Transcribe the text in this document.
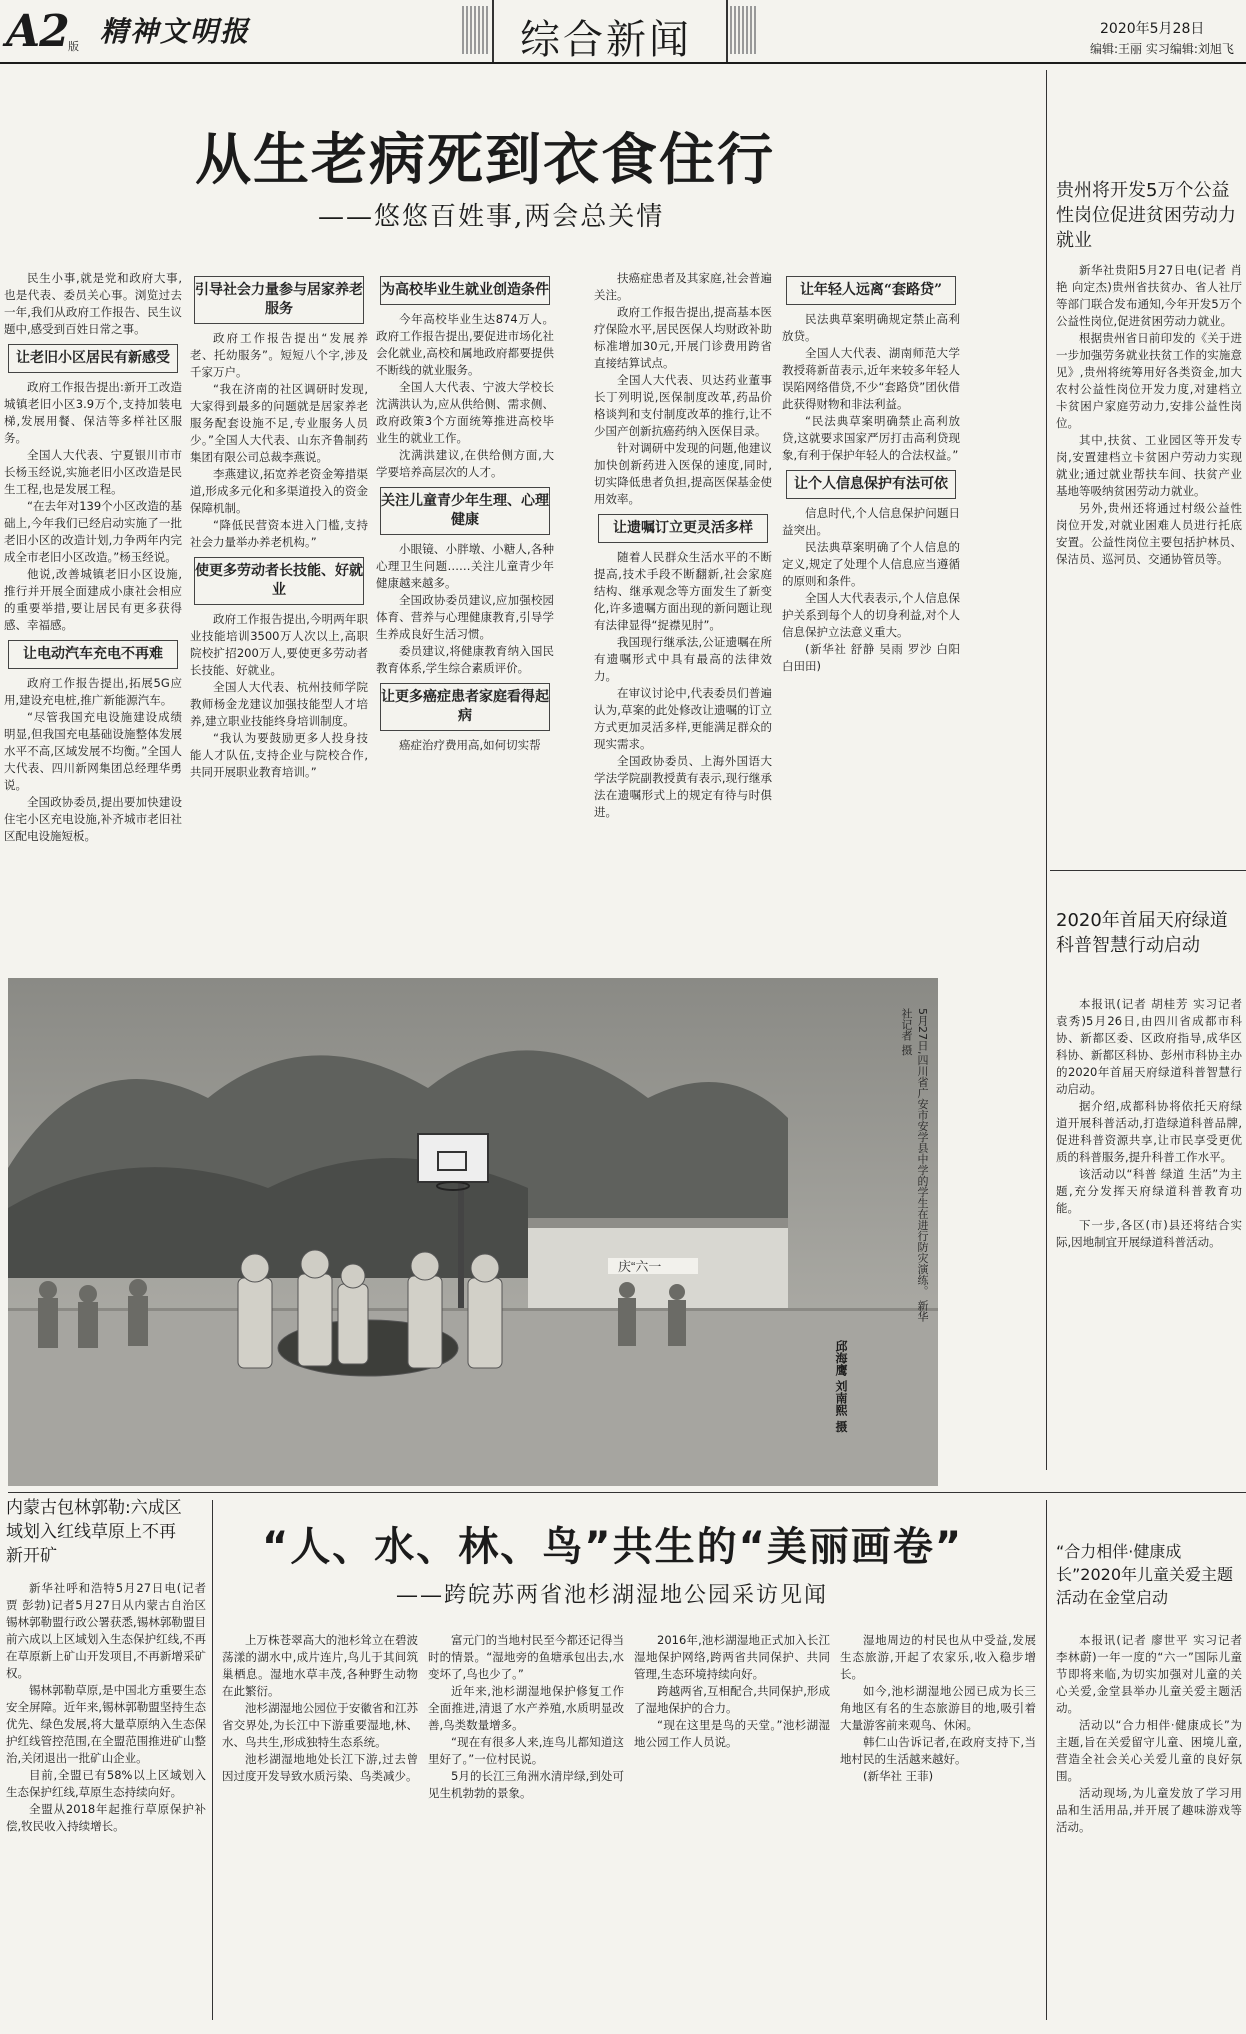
A2 版 精神文明报	综合新闻	2020年5月28日
编辑:王丽 实习编辑:刘旭飞
从生老病死到衣食住行
——悠悠百姓事,两会总关情

民生小事,就是党和政府大事,也是代表、委员关心事。浏览过去一年,我们从政府工作报告、民生议题中,感受到百姓日常之事。

让老旧小区居民有新感受

政府工作报告提出:新开工改造城镇老旧小区3.9万个,支持加装电梯,发展用餐、保洁等多样社区服务。

全国人大代表、宁夏银川市市长杨玉经说,实施老旧小区改造是民生工程,也是发展工程。

“在去年对139个小区改造的基础上,今年我们已经启动实施了一批老旧小区的改造计划,力争两年内完成全市老旧小区改造。”杨玉经说。

他说,改善城镇老旧小区设施,推行并开展全面建成小康社会相应的重要举措,要让居民有更多获得感、幸福感。

让电动汽车充电不再难

政府工作报告提出,拓展5G应用,建设充电桩,推广新能源汽车。

“尽管我国充电设施建设成绩明显,但我国充电基础设施整体发展水平不高,区域发展不均衡。”全国人大代表、四川新网集团总经理华勇说。

全国政协委员,提出要加快建设住宅小区充电设施,补齐城市老旧社区配电设施短板。

引导社会力量参与居家养老服务

政府工作报告提出“发展养老、托幼服务”。短短八个字,涉及千家万户。

“我在济南的社区调研时发现,大家得到最多的问题就是居家养老服务配套设施不足,专业服务人员少。”全国人大代表、山东齐鲁制药集团有限公司总裁李燕说。

李燕建议,拓宽养老资金筹措渠道,形成多元化和多渠道投入的资金保障机制。

“降低民营资本进入门槛,支持社会力量举办养老机构。”

使更多劳动者长技能、好就业

政府工作报告提出,今明两年职业技能培训3500万人次以上,高职院校扩招200万人,要使更多劳动者长技能、好就业。

全国人大代表、杭州技师学院教师杨金龙建议加强技能型人才培养,建立职业技能终身培训制度。

“我认为要鼓励更多人投身技能人才队伍,支持企业与院校合作,共同开展职业教育培训。”

为高校毕业生就业创造条件

今年高校毕业生达874万人。政府工作报告提出,要促进市场化社会化就业,高校和属地政府都要提供不断线的就业服务。

全国人大代表、宁波大学校长沈满洪认为,应从供给侧、需求侧、政府政策3个方面统筹推进高校毕业生的就业工作。

沈满洪建议,在供给侧方面,大学要培养高层次的人才。

关注儿童青少年生理、心理健康

小眼镜、小胖墩、小糖人,各种心理卫生问题……关注儿童青少年健康越来越多。

全国政协委员建议,应加强校园体育、营养与心理健康教育,引导学生养成良好生活习惯。

委员建议,将健康教育纳入国民教育体系,学生综合素质评价。

让更多癌症患者家庭看得起病

癌症治疗费用高,如何切实帮

扶癌症患者及其家庭,社会普遍关注。

政府工作报告提出,提高基本医疗保险水平,居民医保人均财政补助标准增加30元,开展门诊费用跨省直接结算试点。

全国人大代表、贝达药业董事长丁列明说,医保制度改革,药品价格谈判和支付制度改革的推行,让不少国产创新抗癌药纳入医保目录。

针对调研中发现的问题,他建议加快创新药进入医保的速度,同时,切实降低患者负担,提高医保基金使用效率。

让遗嘱订立更灵活多样

随着人民群众生活水平的不断提高,技术手段不断翻新,社会家庭结构、继承观念等方面发生了新变化,许多遗嘱方面出现的新问题让现有法律显得“捉襟见肘”。

我国现行继承法,公证遗嘱在所有遗嘱形式中具有最高的法律效力。

在审议讨论中,代表委员们普遍认为,草案的此处修改让遗嘱的订立方式更加灵活多样,更能满足群众的现实需求。

全国政协委员、上海外国语大学法学院副教授黄有表示,现行继承法在遗嘱形式上的规定有待与时俱进。

让年轻人远离“套路贷”

民法典草案明确规定禁止高利放贷。

全国人大代表、湖南师范大学教授蒋新苗表示,近年来较多年轻人误陷网络借贷,不少“套路贷”团伙借此获得财物和非法利益。

“民法典草案明确禁止高利放贷,这就要求国家严厉打击高利贷现象,有利于保护年轻人的合法权益。”

让个人信息保护有法可依

信息时代,个人信息保护问题日益突出。

民法典草案明确了个人信息的定义,规定了处理个人信息应当遵循的原则和条件。

全国人大代表表示,个人信息保护关系到每个人的切身利益,对个人信息保护立法意义重大。

(新华社 舒静 吴雨 罗沙 白阳 白田田)

贵州将开发5万个公益性岗位促进贫困劳动力就业

新华社贵阳5月27日电(记者 肖艳 向定杰)贵州省扶贫办、省人社厅等部门联合发布通知,今年开发5万个公益性岗位,促进贫困劳动力就业。

根据贵州省日前印发的《关于进一步加强劳务就业扶贫工作的实施意见》,贵州将统筹用好各类资金,加大农村公益性岗位开发力度,对建档立卡贫困户家庭劳动力,安排公益性岗位。

其中,扶贫、工业园区等开发专岗,安置建档立卡贫困户劳动力实现就业;通过就业帮扶车间、扶贫产业基地等吸纳贫困劳动力就业。

另外,贵州还将通过村级公益性岗位开发,对就业困难人员进行托底安置。公益性岗位主要包括护林员、保洁员、巡河员、交通协管员等。

2020年首届天府绿道科普智慧行动启动

本报讯(记者 胡桂芳 实习记者 袁秀)5月26日,由四川省成都市科协、新都区委、区政府指导,成华区科协、新都区科协、彭州市科协主办的2020年首届天府绿道科普智慧行动启动。

据介绍,成都科协将依托天府绿道开展科普活动,打造绿道科普品牌,促进科普资源共享,让市民享受更优质的科普服务,提升科普工作水平。

该活动以“科普 绿道 生活”为主题,充分发挥天府绿道科普教育功能。

下一步,各区(市)县还将结合实际,因地制宜开展绿道科普活动。

庆“六一	5月27日,四川省广安市安学县中学的学生在进行防灾演练。 新华社记者 摄
邱海鹰 刘南熙 摄
内蒙古包林郭勒:六成区域划入红线草原上不再新开矿

新华社呼和浩特5月27日电(记者 贾 彭勃)记者5月27日从内蒙古自治区锡林郭勒盟行政公署获悉,锡林郭勒盟目前六成以上区域划入生态保护红线,不再在草原新上矿山开发项目,不再新增采矿权。

锡林郭勒草原,是中国北方重要生态安全屏障。近年来,锡林郭勒盟坚持生态优先、绿色发展,将大量草原纳入生态保护红线管控范围,在全盟范围推进矿山整治,关闭退出一批矿山企业。

目前,全盟已有58%以上区域划入生态保护红线,草原生态持续向好。

全盟从2018年起推行草原保护补偿,牧民收入持续增长。

“人、水、林、鸟”共生的“美丽画卷”
——跨皖苏两省池杉湖湿地公园采访见闻

上万株苍翠高大的池杉耸立在碧波荡漾的湖水中,成片连片,鸟儿于其间筑巢栖息。湿地水草丰茂,各种野生动物在此繁衍。

池杉湖湿地公园位于安徽省和江苏省交界处,为长江中下游重要湿地,林、水、鸟共生,形成独特生态系统。

池杉湖湿地地处长江下游,过去曾因过度开发导致水质污染、鸟类减少。

富元门的当地村民至今都还记得当时的情景。“湿地旁的鱼塘承包出去,水变坏了,鸟也少了。”

近年来,池杉湖湿地保护修复工作全面推进,清退了水产养殖,水质明显改善,鸟类数量增多。

“现在有很多人来,连鸟儿都知道这里好了。”一位村民说。

5月的长江三角洲水清岸绿,到处可见生机勃勃的景象。

2016年,池杉湖湿地正式加入长江湿地保护网络,跨两省共同保护、共同管理,生态环境持续向好。

跨越两省,互相配合,共同保护,形成了湿地保护的合力。

“现在这里是鸟的天堂。”池杉湖湿地公园工作人员说。

湿地周边的村民也从中受益,发展生态旅游,开起了农家乐,收入稳步增长。

如今,池杉湖湿地公园已成为长三角地区有名的生态旅游目的地,吸引着大量游客前来观鸟、休闲。

韩仁山告诉记者,在政府支持下,当地村民的生活越来越好。

(新华社 王菲)

“合力相伴·健康成长”2020年儿童关爱主题活动在金堂启动

本报讯(记者 廖世平 实习记者 李林蔚)一年一度的“六一”国际儿童节即将来临,为切实加强对儿童的关心关爱,金堂县举办儿童关爱主题活动。

活动以“合力相伴·健康成长”为主题,旨在关爱留守儿童、困境儿童,营造全社会关心关爱儿童的良好氛围。

活动现场,为儿童发放了学习用品和生活用品,并开展了趣味游戏等活动。
